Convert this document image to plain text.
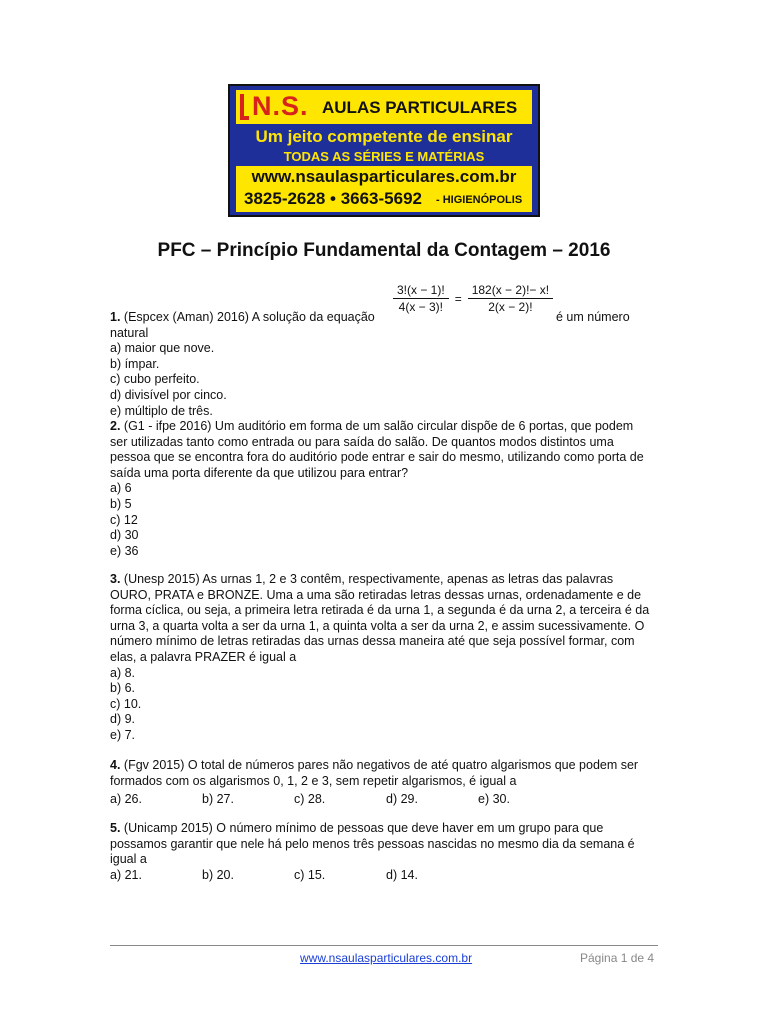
N.S. AULAS PARTICULARES
Um jeito competente de ensinar
TODAS AS SÉRIES E MATÉRIAS
www.nsaulasparticulares.com.br
3825-2628 • 3663-5692 - HIGIENÓPOLIS
PFC – Princípio Fundamental da Contagem – 2016
$\frac{3!(x - 1)!}{4(x - 3)!} = \frac{182(x - 2)!- x!}{2(x - 2)!}$

1. (Espcex (Aman) 2016) A solução da equação	é um número

natural

a) maior que nove.
b) ímpar.
c) cubo perfeito.
d) divisível por cinco.
e) múltiplo de três.

2. (G1 - ifpe 2016) Um auditório em forma de um salão circular dispõe de 6 portas, que podem ser utilizadas tanto como entrada ou para saída do salão. De quantos modos distintos uma pessoa que se encontra fora do auditório pode entrar e sair do mesmo, utilizando como porta de saída uma porta diferente da que utilizou para entrar?

a) 6
b) 5
c) 12
d) 30
e) 36

3. (Unesp 2015) As urnas 1, 2 e 3 contêm, respectivamente, apenas as letras das palavras OURO, PRATA e BRONZE. Uma a uma são retiradas letras dessas urnas, ordenadamente e de forma cíclica, ou seja, a primeira letra retirada é da urna 1, a segunda é da urna 2, a terceira é da urna 3, a quarta volta a ser da urna 1, a quinta volta a ser da urna 2, e assim sucessivamente. O número mínimo de letras retiradas das urnas dessa maneira até que seja possível formar, com elas, a palavra PRAZER é igual a

a) 8.
b) 6.
c) 10.
d) 9.
e) 7.

4. (Fgv 2015) O total de números pares não negativos de até quatro algarismos que podem ser formados com os algarismos 0, 1, 2 e 3, sem repetir algarismos, é igual a

a) 26.	b) 27.	c) 28.	d) 29.	e) 30.

5. (Unicamp 2015) O número mínimo de pessoas que deve haver em um grupo para que possamos garantir que nele há pelo menos três pessoas nascidas no mesmo dia da semana é igual a

a) 21.	b) 20.	c) 15.	d) 14.
www.nsaulasparticulares.com.br	Página 1 de 4
